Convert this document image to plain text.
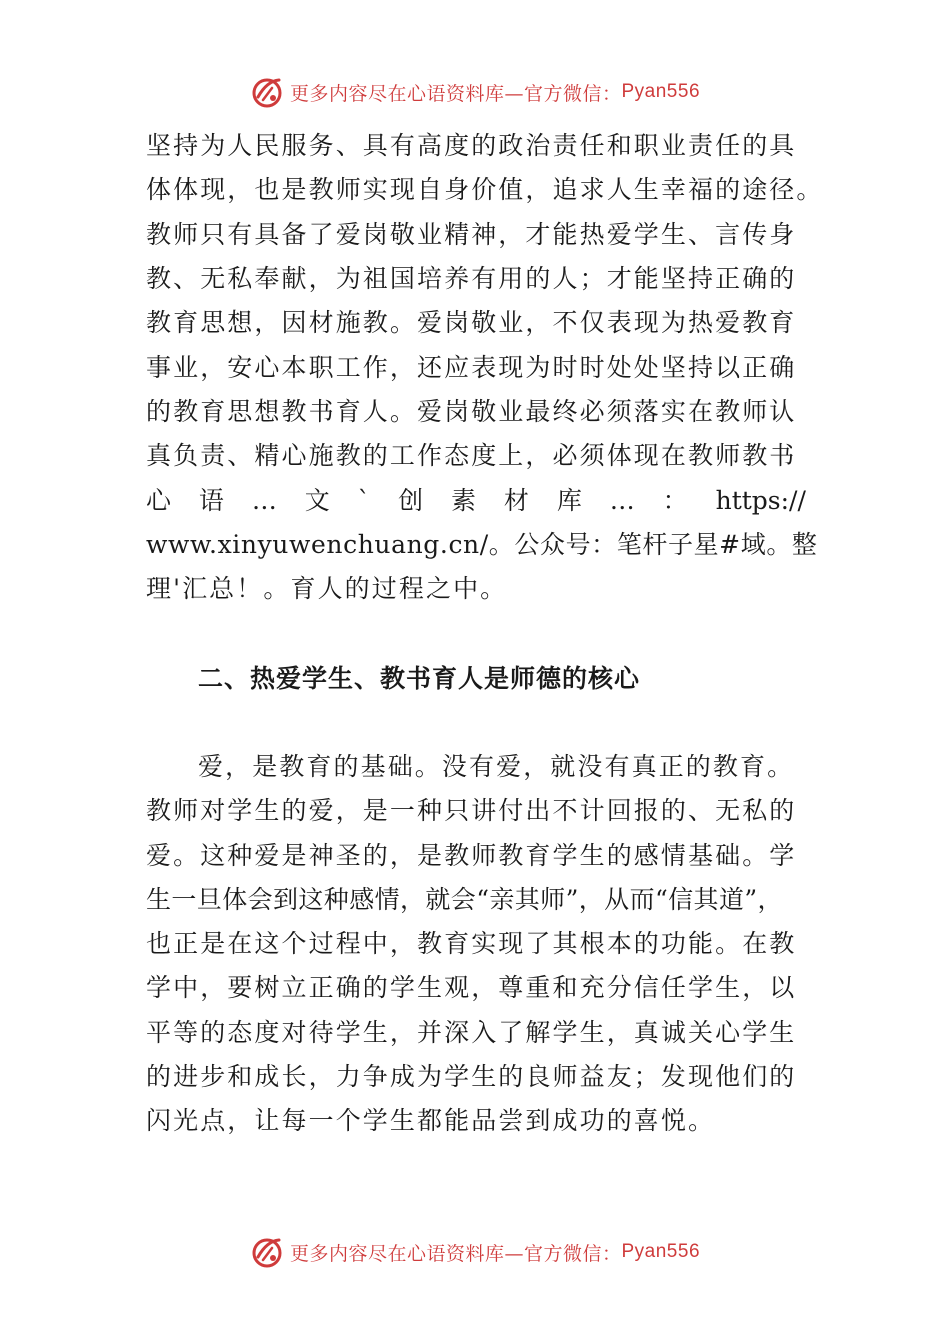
更多内容尽在心语资料库—官方微信： Pyan556
坚持为人民服务、具有高度的政治责任和职业责任的具
体体现，也是教师实现自身价值，追求人生幸福的途径。
教师只有具备了爱岗敬业精神，才能热爱学生、言传身
教、无私奉献，为祖国培养有用的人；才能坚持正确的
教育思想，因材施教。爱岗敬业，不仅表现为热爱教育
事业，安心本职工作，还应表现为时时处处坚持以正确
的教育思想教书育人。爱岗敬业最终必须落实在教师认
真负责、精心施教的工作态度上，必须体现在教师教书
心 语 … 文 ` 创 素 材 库 … ： https://
www.xinyuwenchuang.cn/。公众号：笔杆子星#域。整
理'汇总！。育人的过程之中。
二、热爱学生、教书育人是师德的核心
爱，是教育的基础。没有爱，就没有真正的教育。
教师对学生的爱，是一种只讲付出不计回报的、无私的
爱。这种爱是神圣的，是教师教育学生的感情基础。学
生一旦体会到这种感情，就会“亲其师”，从而“信其道”，
也正是在这个过程中，教育实现了其根本的功能。在教
学中，要树立正确的学生观，尊重和充分信任学生，以
平等的态度对待学生，并深入了解学生，真诚关心学生
的进步和成长，力争成为学生的良师益友；发现他们的
闪光点，让每一个学生都能品尝到成功的喜悦。
更多内容尽在心语资料库—官方微信： Pyan556
